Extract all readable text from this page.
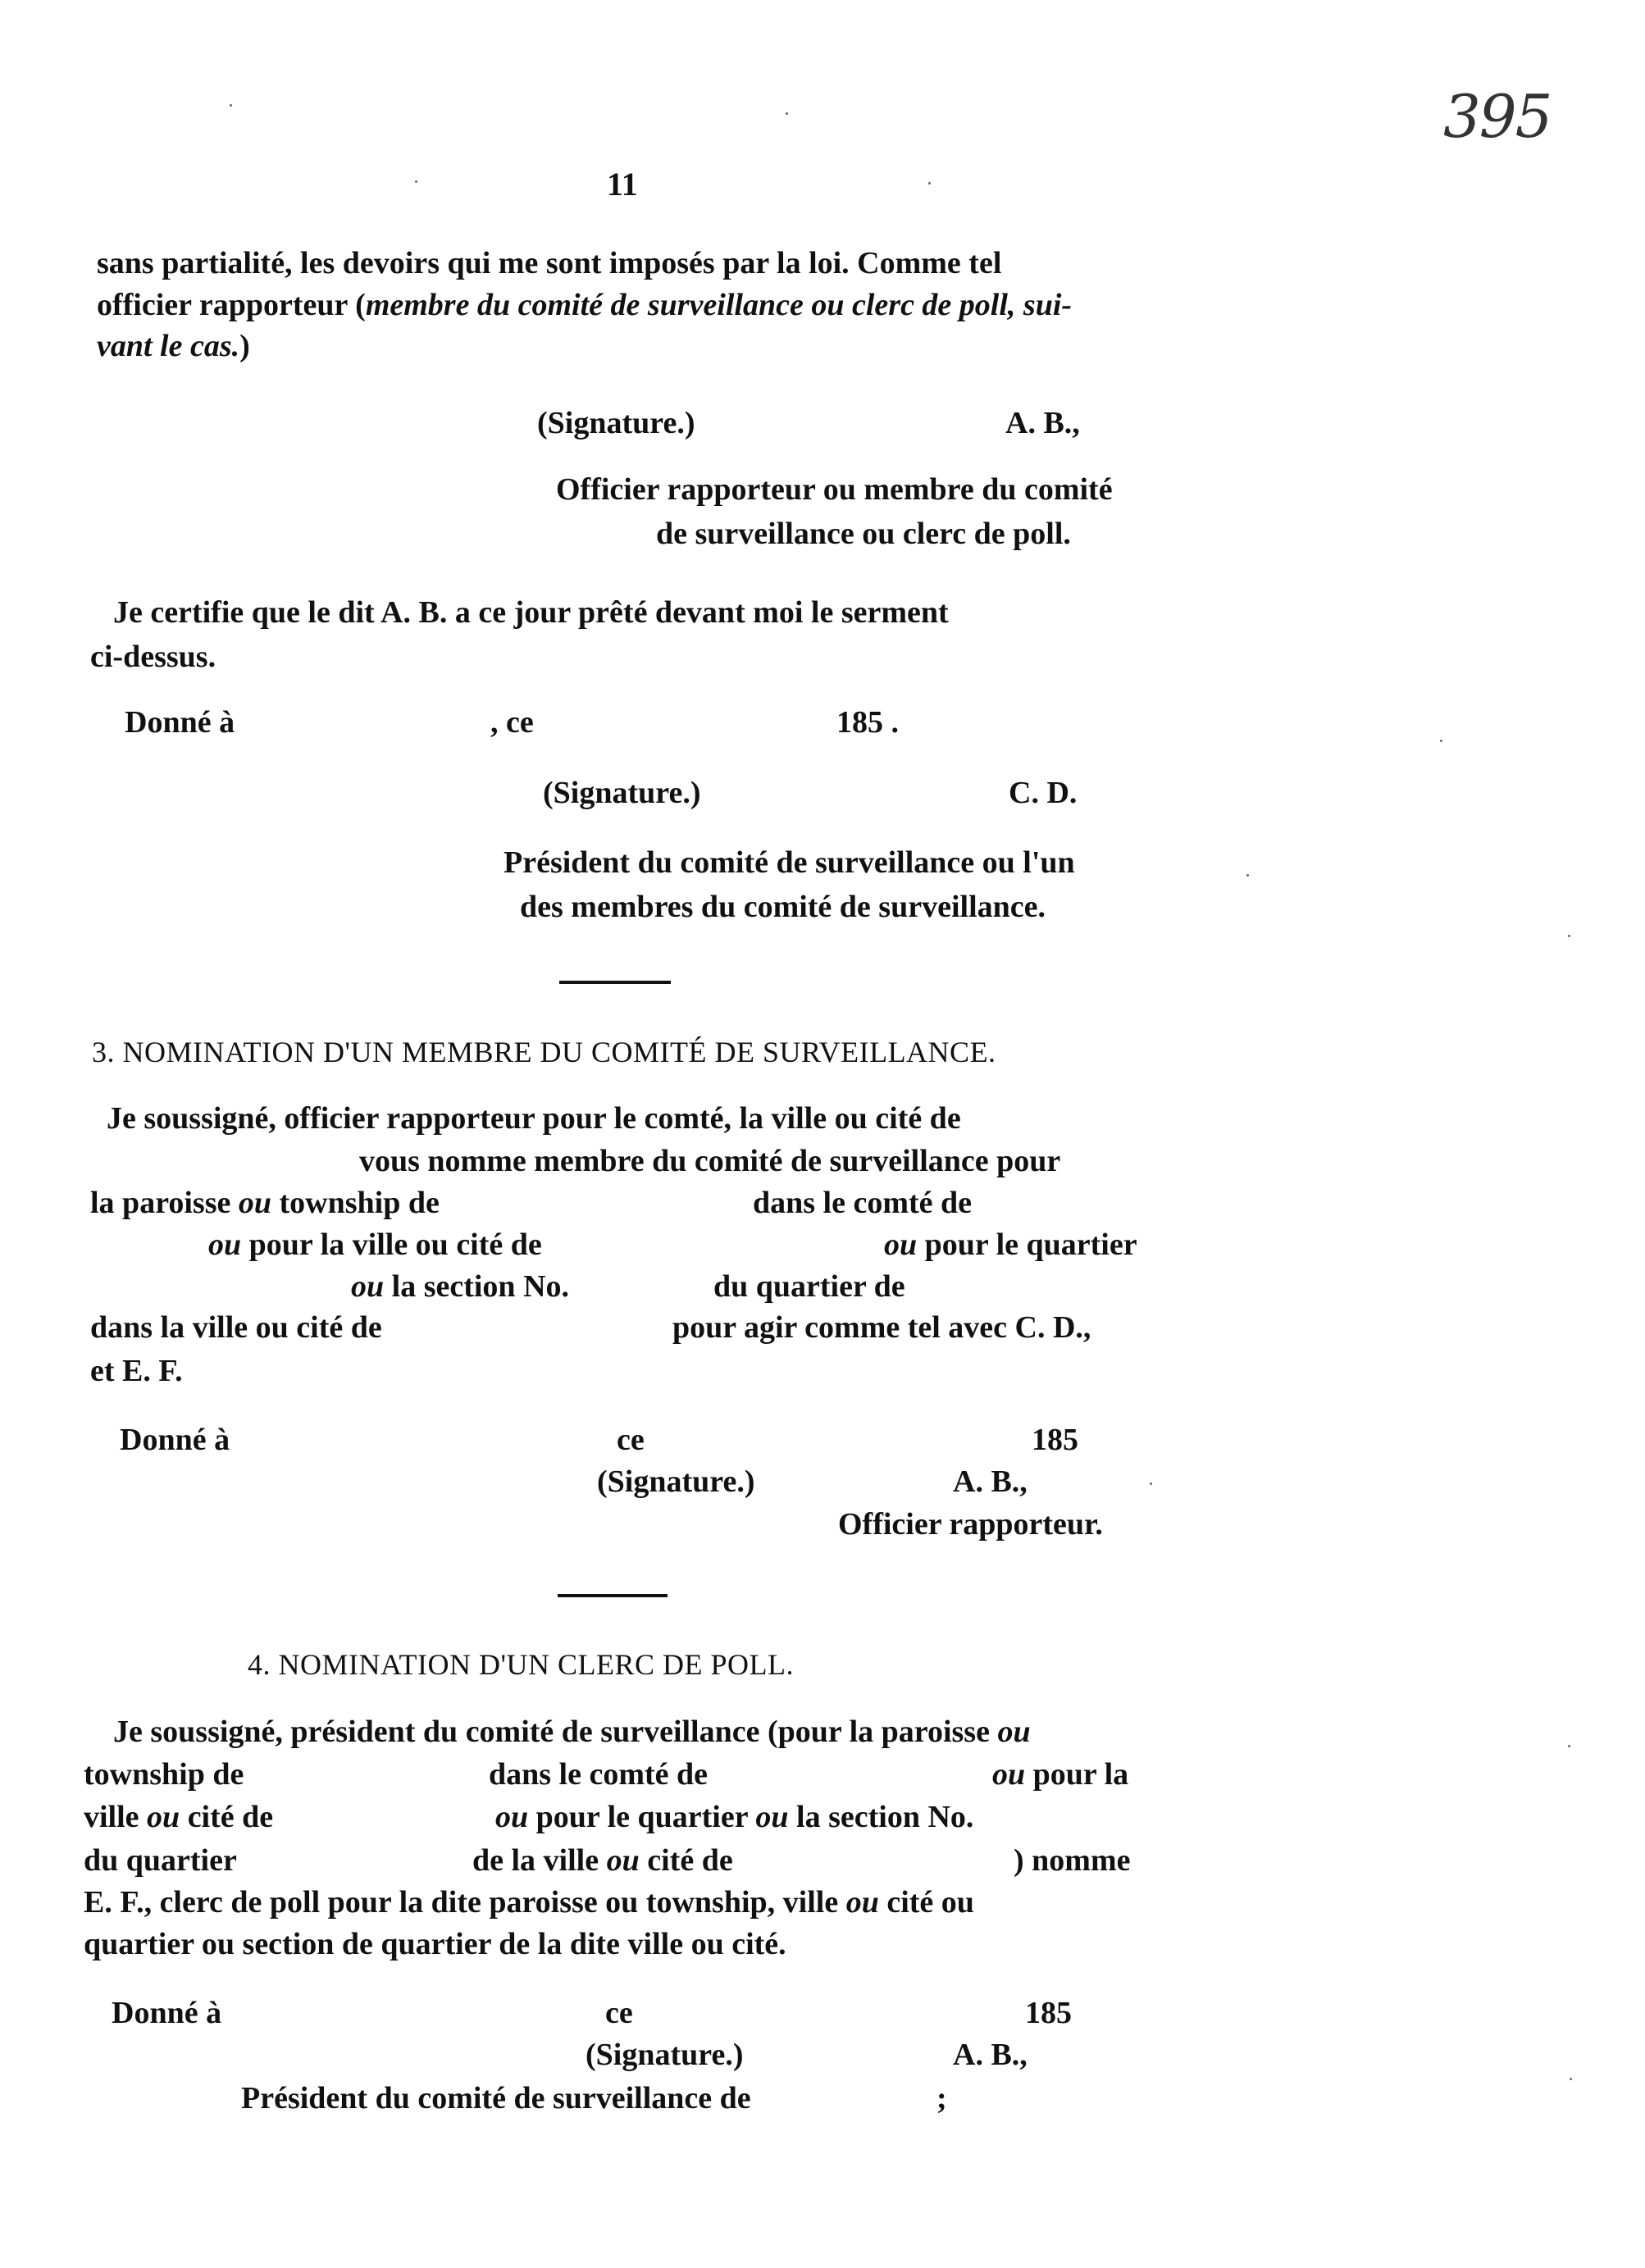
395
11
sans partialité, les devoirs qui me sont imposés par la loi. Comme tel
officier rapporteur (membre du comité de surveillance ou clerc de poll, sui-
vant le cas.)
(Signature.)	A. B.,
Officier rapporteur ou membre du comité
de surveillance ou clerc de poll.
Je certifie que le dit A. B. a ce jour prêté devant moi le serment
ci-dessus.
Donné à	, ce	185 .
(Signature.)	C. D.
Président du comité de surveillance ou l'un
des membres du comité de surveillance.
3. NOMINATION D'UN MEMBRE DU COMITÉ DE SURVEILLANCE.
Je soussigné, officier rapporteur pour le comté, la ville ou cité de
vous nomme membre du comité de surveillance pour
la paroisse ou township de	dans le comté de
ou pour la ville ou cité de	ou pour le quartier
ou la section No.	du quartier de
dans la ville ou cité de	pour agir comme tel avec C. D.,
et E. F.
Donné à	ce	185
(Signature.)	A. B.,
Officier rapporteur.
4. NOMINATION D'UN CLERC DE POLL.
Je soussigné, président du comité de surveillance (pour la paroisse ou
township de	dans le comté de	ou pour la
ville ou cité de	ou pour le quartier ou la section No.
du quartier	de la ville ou cité de	) nomme
E. F., clerc de poll pour la dite paroisse ou township, ville ou cité ou
quartier ou section de quartier de la dite ville ou cité.
Donné à	ce	185
(Signature.)	A. B.,
Président du comité de surveillance de	;
